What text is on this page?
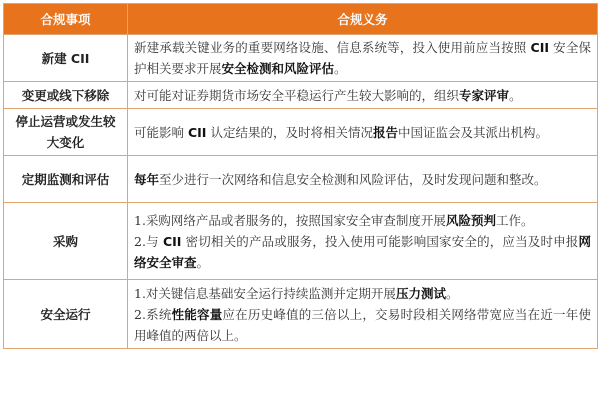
合规事项	合规义务
新建 CII	新建承载关键业务的重要网络设施、信息系统等，投入使用前应当按照 CII 安全保护相关要求开展安全检测和风险评估。

变更或线下移除	对可能对证券期货市场安全平稳运行产生较大影响的，组织专家评审。

停止运营或发生较大变化	可能影响 CII 认定结果的，及时将相关情况报告中国证监会及其派出机构。

定期监测和评估	每年至少进行一次网络和信息安全检测和风险评估，及时发现问题和整改。

采购	1.采购网络产品或者服务的，按照国家安全审查制度开展风险预判工作。
2.与 CII 密切相关的产品或服务，投入使用可能影响国家安全的，应当及时申报网络安全审查。

安全运行	1.对关键信息基础安全运行持续监测并定期开展压力测试。
2.系统性能容量应在历史峰值的三倍以上，交易时段相关网络带宽应当在近一年使用峰值的两倍以上。
